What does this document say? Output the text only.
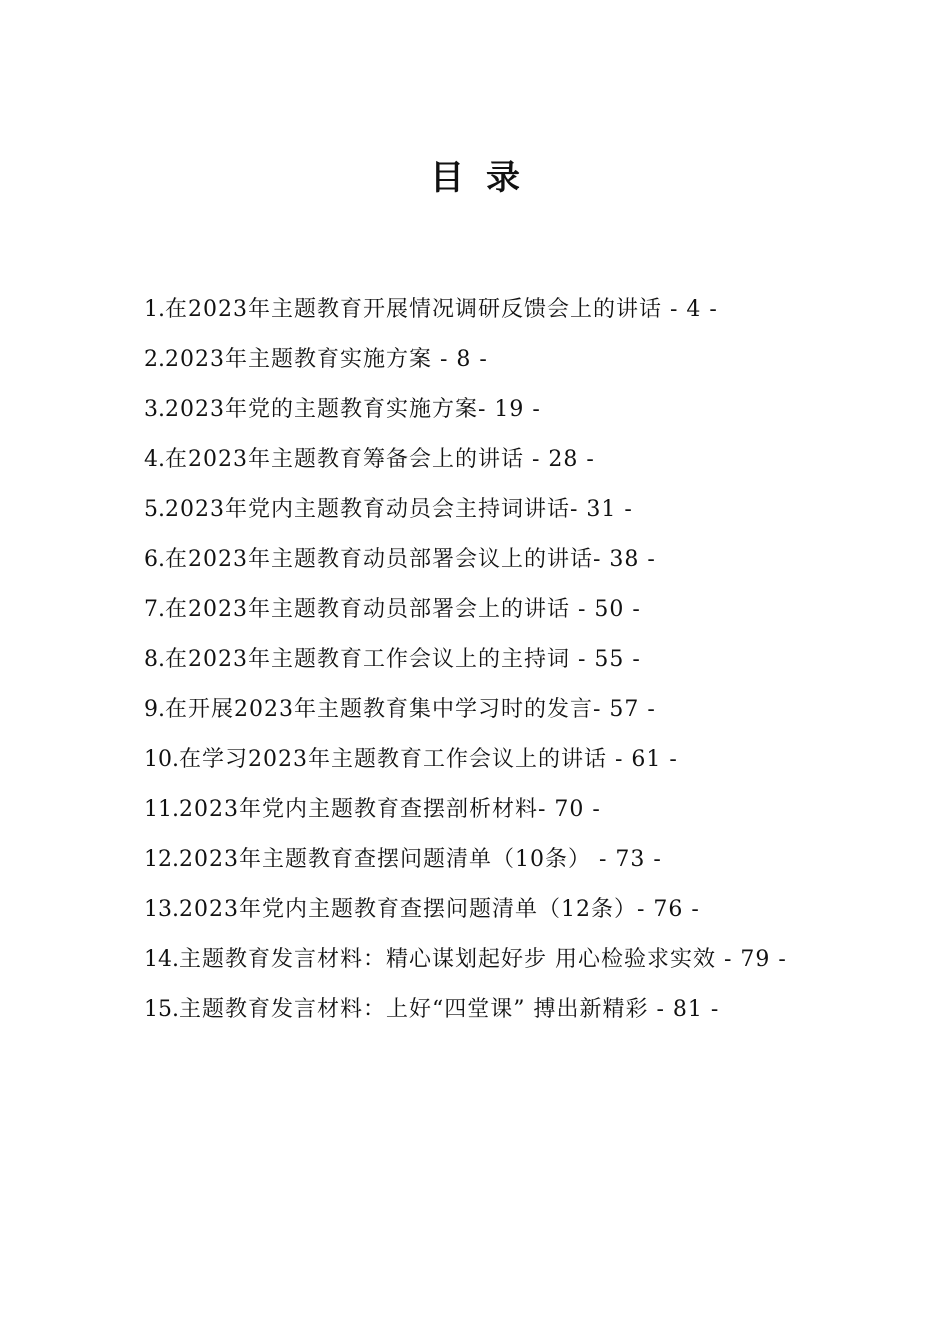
目录
1.在2023年主题教育开展情况调研反馈会上的讲话 - 4 -
2.2023年主题教育实施方案 - 8 -
3.2023年党的主题教育实施方案- 19 -
4.在2023年主题教育筹备会上的讲话 - 28 -
5.2023年党内主题教育动员会主持词讲话- 31 -
6.在2023年主题教育动员部署会议上的讲话- 38 -
7.在2023年主题教育动员部署会上的讲话 - 50 -
8.在2023年主题教育工作会议上的主持词 - 55 -
9.在开展2023年主题教育集中学习时的发言- 57 -
10.在学习2023年主题教育工作会议上的讲话 - 61 -
11.2023年党内主题教育查摆剖析材料- 70 -
12.2023年主题教育查摆问题清单（10条） - 73 -
13.2023年党内主题教育查摆问题清单（12条）- 76 -
14.主题教育发言材料：精心谋划起好步 用心检验求实效 - 79 -
15.主题教育发言材料：上好“四堂课” 搏出新精彩 - 81 -
